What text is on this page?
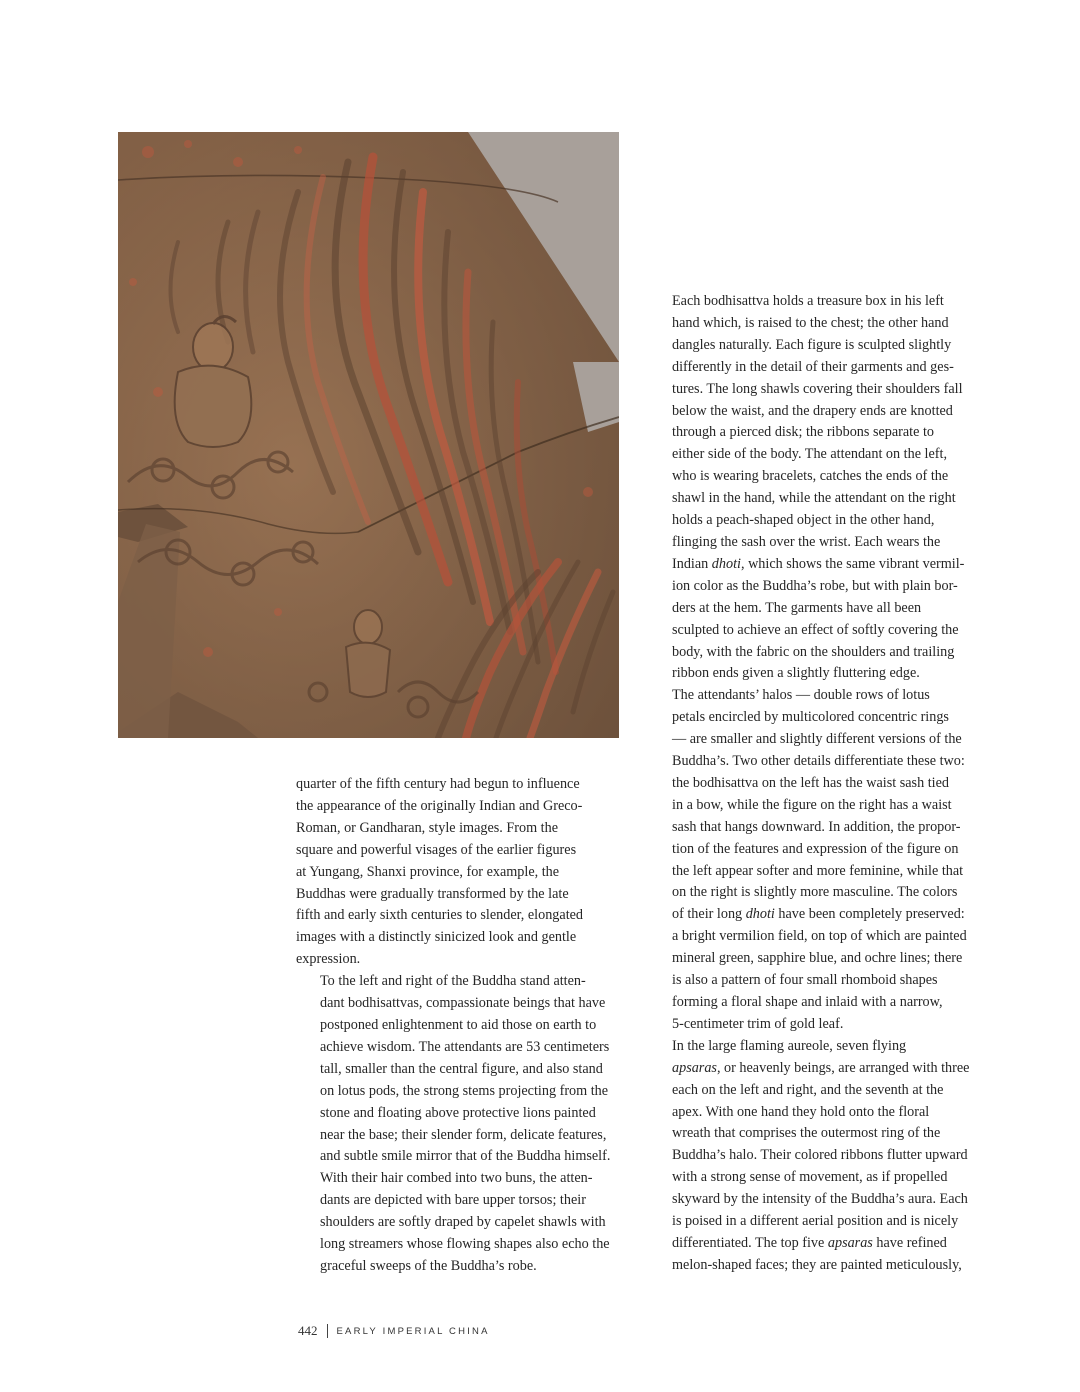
quarter of the fifth century had begun to influence
the appearance of the originally Indian and Greco-
Roman, or Gandharan, style images. From the
square and powerful visages of the earlier figures
at Yungang, Shanxi province, for example, the
Buddhas were gradually transformed by the late
fifth and early sixth centuries to slender, elongated
images with a distinctly sinicized look and gentle
expression.

To the left and right of the Buddha stand atten-
dant bodhisattvas, compassionate beings that have
postponed enlightenment to aid those on earth to
achieve wisdom. The attendants are 53 centimeters
tall, smaller than the central figure, and also stand
on lotus pods, the strong stems projecting from the
stone and floating above protective lions painted
near the base; their slender form, delicate features,
and subtle smile mirror that of the Buddha himself.
With their hair combed into two buns, the atten-
dants are depicted with bare upper torsos; their
shoulders are softly draped by capelet shawls with
long streamers whose flowing shapes also echo the
graceful sweeps of the Buddha’s robe.

Each bodhisattva holds a treasure box in his left
hand which, is raised to the chest; the other hand
dangles naturally. Each figure is sculpted slightly
differently in the detail of their garments and ges-
tures. The long shawls covering their shoulders fall
below the waist, and the drapery ends are knotted
through a pierced disk; the ribbons separate to
either side of the body. The attendant on the left,
who is wearing bracelets, catches the ends of the
shawl in the hand, while the attendant on the right
holds a peach-shaped object in the other hand,
flinging the sash over the wrist. Each wears the
Indian dhoti, which shows the same vibrant vermil-
ion color as the Buddha’s robe, but with plain bor-
ders at the hem. The garments have all been
sculpted to achieve an effect of softly covering the
body, with the fabric on the shoulders and trailing
ribbon ends given a slightly fluttering edge.

The attendants’ halos — double rows of lotus
petals encircled by multicolored concentric rings
— are smaller and slightly different versions of the
Buddha’s. Two other details differentiate these two:
the bodhisattva on the left has the waist sash tied
in a bow, while the figure on the right has a waist
sash that hangs downward. In addition, the propor-
tion of the features and expression of the figure on
the left appear softer and more feminine, while that
on the right is slightly more masculine. The colors
of their long dhoti have been completely preserved:
a bright vermilion field, on top of which are painted
mineral green, sapphire blue, and ochre lines; there
is also a pattern of four small rhomboid shapes
forming a floral shape and inlaid with a narrow,
5-centimeter trim of gold leaf.

In the large flaming aureole, seven flying
apsaras, or heavenly beings, are arranged with three
each on the left and right, and the seventh at the
apex. With one hand they hold onto the floral
wreath that comprises the outermost ring of the
Buddha’s halo. Their colored ribbons flutter upward
with a strong sense of movement, as if propelled
skyward by the intensity of the Buddha’s aura. Each
is poised in a different aerial position and is nicely
differentiated. The top five apsaras have refined
melon-shaped faces; they are painted meticulously,

442 EARLY IMPERIAL CHINA
